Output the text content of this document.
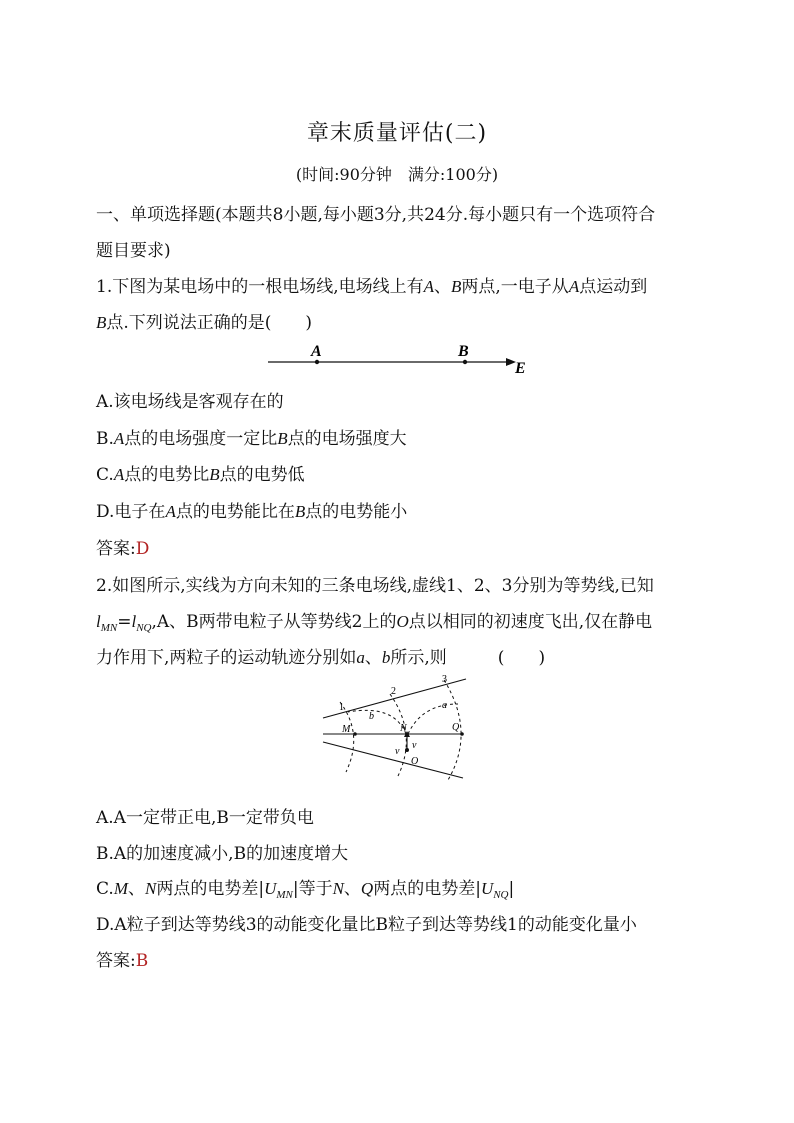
章末质量评估(二)
(时间:90分钟　满分:100分)
一、单项选择题(本题共8小题,每小题3分,共24分.每小题只有一个选项符合
题目要求)
1.下图为某电场中的一根电场线,电场线上有A、B两点,一电子从A点运动到
B点.下列说法正确的是(　　)
A	B
E
A.该电场线是客观存在的
B.A点的电场强度一定比B点的电场强度大
C.A点的电势比B点的电势低
D.电子在A点的电势能比在B点的电势能小
答案:D
2.如图所示,实线为方向未知的三条电场线,虚线1、2、3分别为等势线,已知
$l_{MN}=l_{NQ},A$、B两带电粒子从等势线2上的O点以相同的初速度飞出,仅在静电
力作用下,两粒子的运动轨迹分别如a、b所示,则　　　(　　)
1
2
3
b
a
M	N	Q
O
v
v
A.A一定带正电,B一定带负电
B.A的加速度减小,B的加速度增大
C.M、N两点的电势差$|U_{MN}|$等于N、Q两点的电势差$|U_{NQ}|$
D.A粒子到达等势线3的动能变化量比B粒子到达等势线1的动能变化量小
答案:B
